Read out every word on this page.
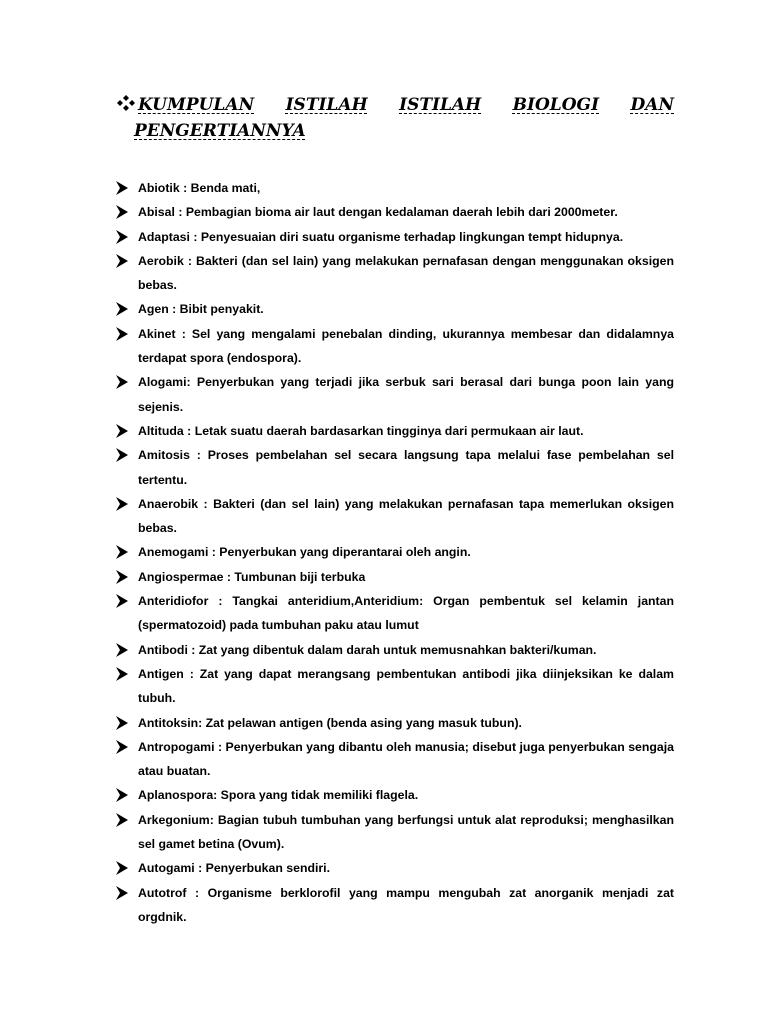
KUMPULAN ISTILAH ISTILAH BIOLOGI DAN
PENGERTIANNYA
Abiotik : Benda mati,
Abisal : Pembagian bioma air laut dengan kedalaman daerah lebih dari 2000meter.
Adaptasi : Penyesuaian diri suatu organisme terhadap lingkungan tempt hidupnya.
Aerobik : Bakteri (dan sel lain) yang melakukan pernafasan dengan menggunakan oksigen bebas.
Agen : Bibit penyakit.
Akinet : Sel yang mengalami penebalan dinding, ukurannya membesar dan didalamnya terdapat spora (endospora).
Alogami: Penyerbukan yang terjadi jika serbuk sari berasal dari bunga poon lain yang sejenis.
Altituda : Letak suatu daerah bardasarkan tingginya dari permukaan air laut.
Amitosis : Proses pembelahan sel secara langsung tapa melalui fase pembelahan sel tertentu.
Anaerobik : Bakteri (dan sel lain) yang melakukan pernafasan tapa memerlukan oksigen bebas.
Anemogami : Penyerbukan yang diperantarai oleh angin.
Angiospermae : Tumbunan biji terbuka
Anteridiofor : Tangkai anteridium,Anteridium: Organ pembentuk sel kelamin jantan (spermatozoid) pada tumbuhan paku atau lumut
Antibodi : Zat yang dibentuk dalam darah untuk memusnahkan bakteri/kuman.
Antigen : Zat yang dapat merangsang pembentukan antibodi jika diinjeksikan ke dalam tubuh.
Antitoksin: Zat pelawan antigen (benda asing yang masuk tubun).
Antropogami : Penyerbukan yang dibantu oleh manusia; disebut juga penyerbukan sengaja atau buatan.
Aplanospora: Spora yang tidak memiliki flagela.
Arkegonium: Bagian tubuh tumbuhan yang berfungsi untuk alat reproduksi; menghasilkan sel gamet betina (Ovum).
Autogami : Penyerbukan sendiri.
Autotrof : Organisme berklorofil yang mampu mengubah zat anorganik menjadi zat orgdnik.
